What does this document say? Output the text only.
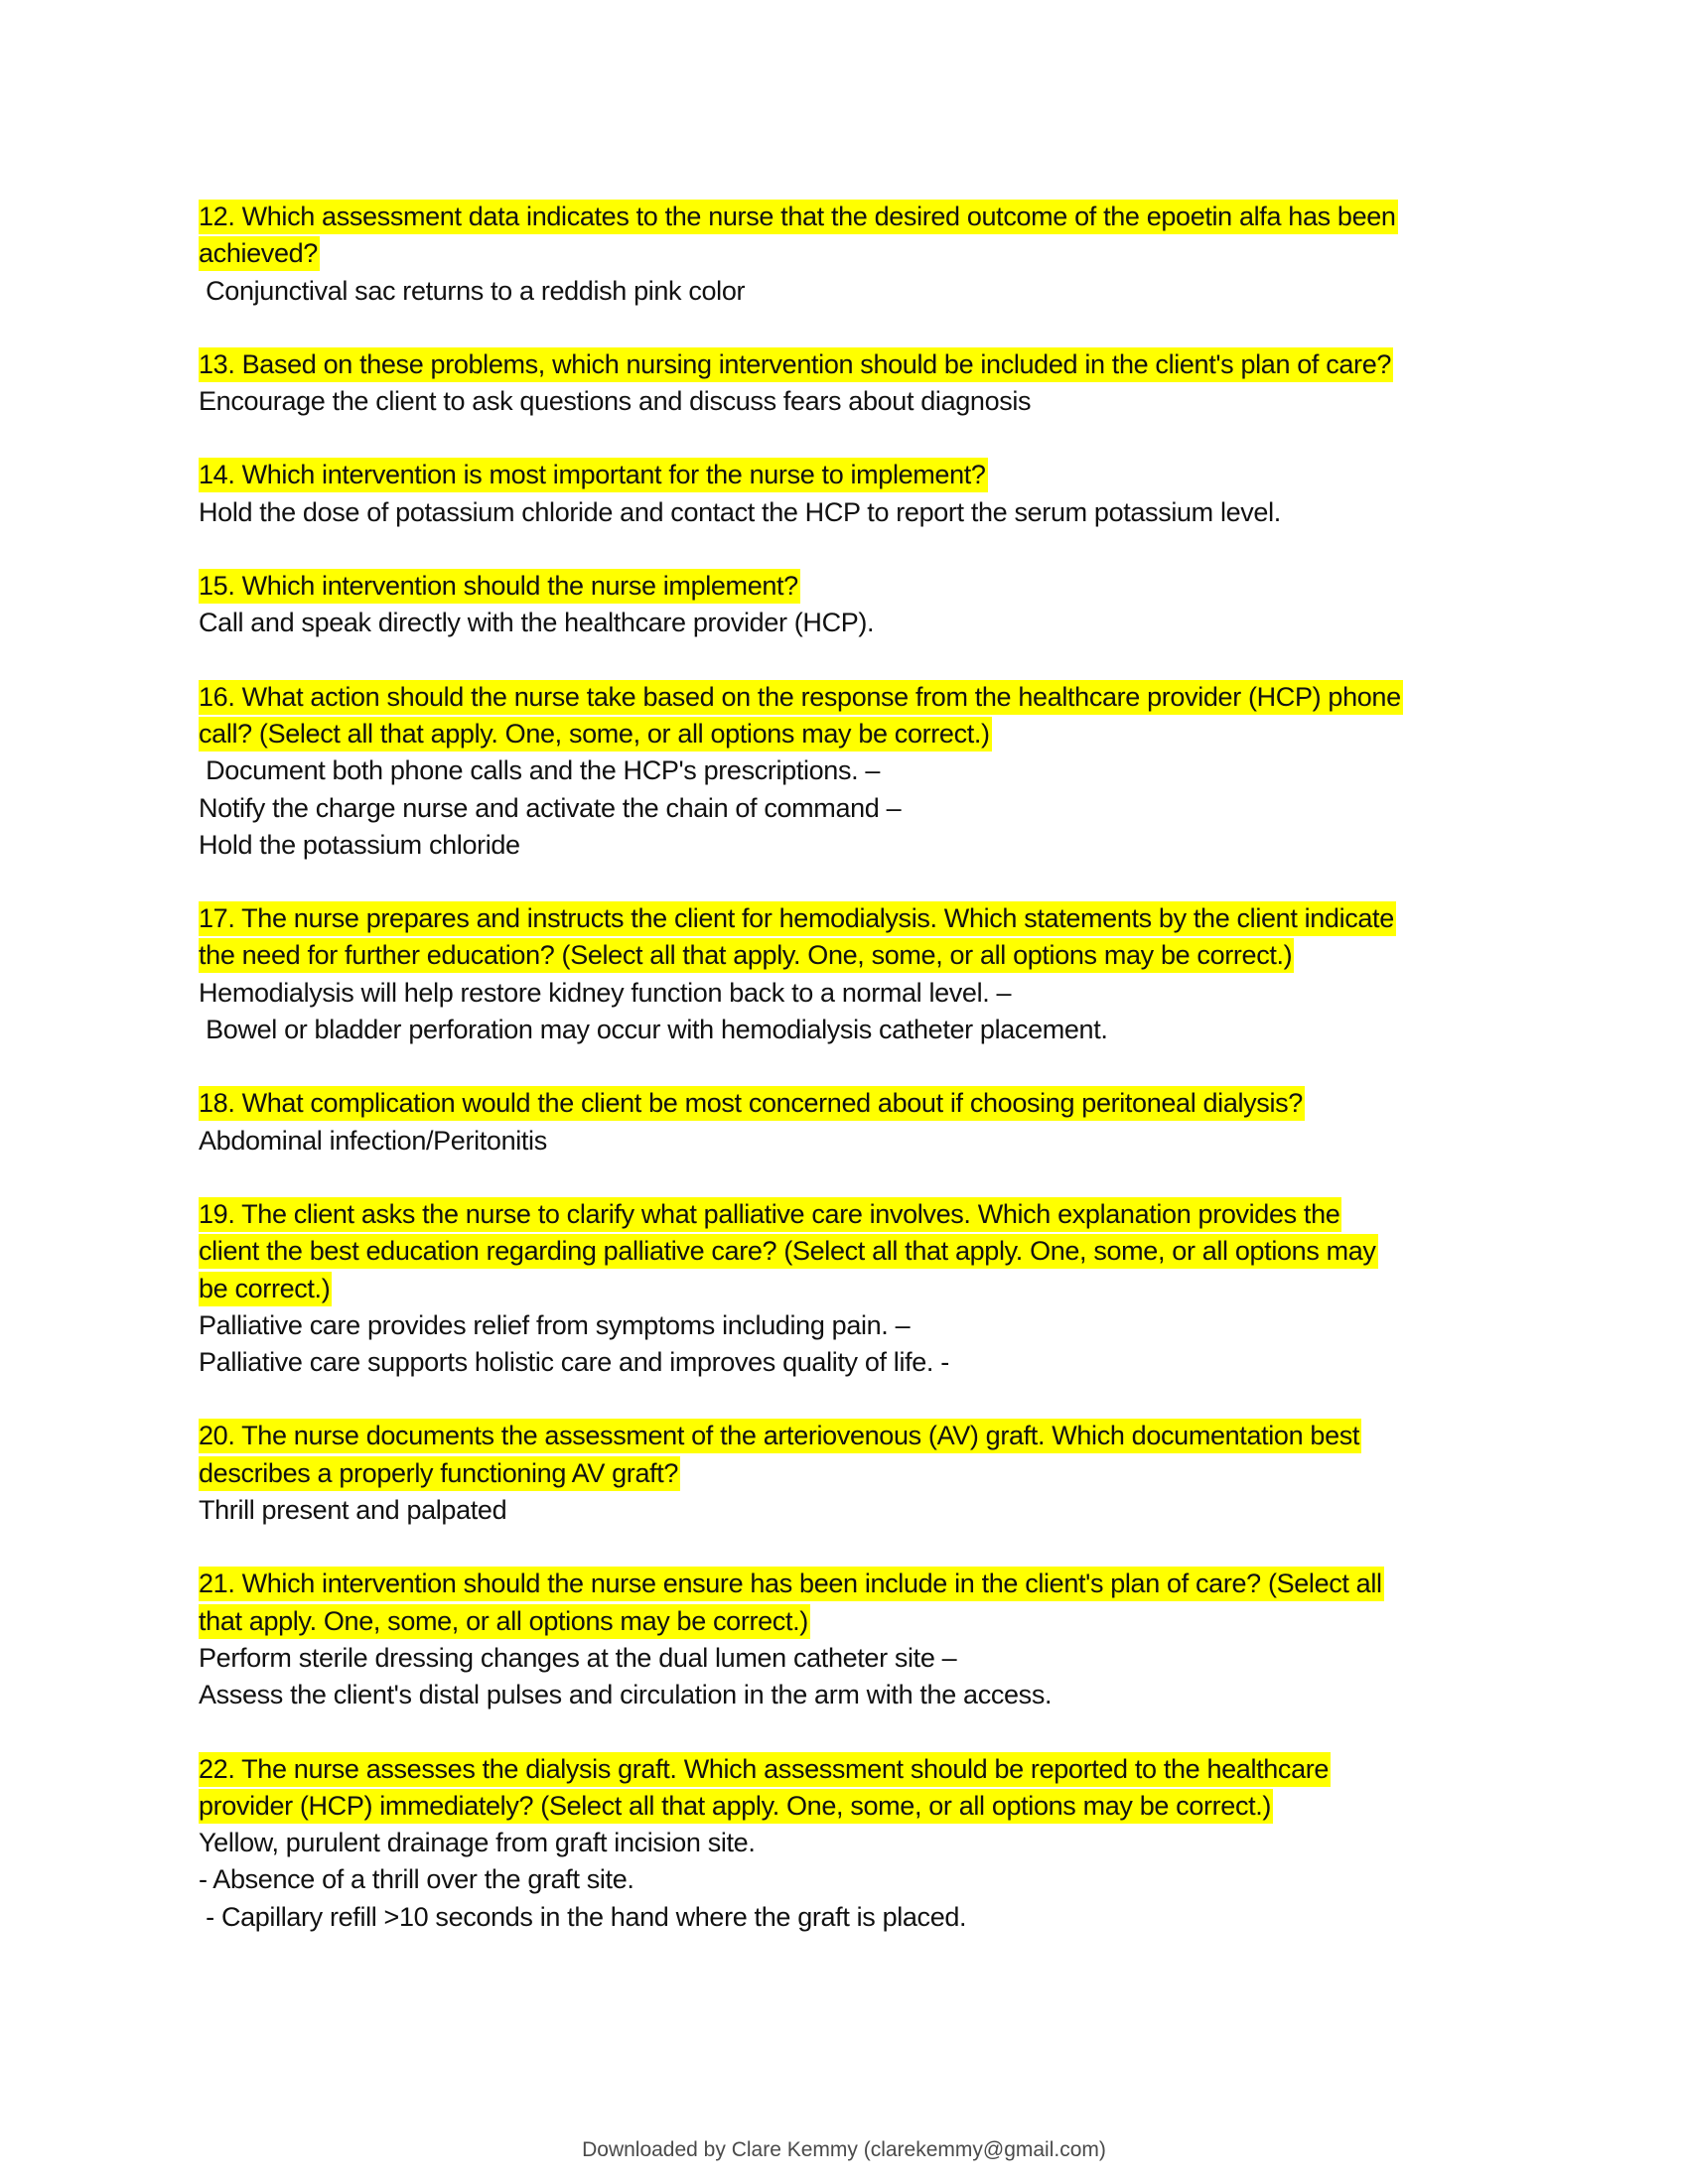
12. Which assessment data indicates to the nurse that the desired outcome of the epoetin alfa has been
achieved?
Conjunctival sac returns to a reddish pink color
13. Based on these problems, which nursing intervention should be included in the client's plan of care?
Encourage the client to ask questions and discuss fears about diagnosis
14. Which intervention is most important for the nurse to implement?
Hold the dose of potassium chloride and contact the HCP to report the serum potassium level.
15. Which intervention should the nurse implement?
Call and speak directly with the healthcare provider (HCP).
16. What action should the nurse take based on the response from the healthcare provider (HCP) phone
call? (Select all that apply. One, some, or all options may be correct.)
Document both phone calls and the HCP's prescriptions. –
Notify the charge nurse and activate the chain of command –
Hold the potassium chloride
17. The nurse prepares and instructs the client for hemodialysis. Which statements by the client indicate
the need for further education? (Select all that apply. One, some, or all options may be correct.)
Hemodialysis will help restore kidney function back to a normal level. –
Bowel or bladder perforation may occur with hemodialysis catheter placement.
18. What complication would the client be most concerned about if choosing peritoneal dialysis?
Abdominal infection/Peritonitis
19. The client asks the nurse to clarify what palliative care involves. Which explanation provides the
client the best education regarding palliative care? (Select all that apply. One, some, or all options may
be correct.)
Palliative care provides relief from symptoms including pain. –
Palliative care supports holistic care and improves quality of life. -
20. The nurse documents the assessment of the arteriovenous (AV) graft. Which documentation best
describes a properly functioning AV graft?
Thrill present and palpated
21. Which intervention should the nurse ensure has been include in the client's plan of care? (Select all
that apply. One, some, or all options may be correct.)
Perform sterile dressing changes at the dual lumen catheter site –
Assess the client's distal pulses and circulation in the arm with the access.
22. The nurse assesses the dialysis graft. Which assessment should be reported to the healthcare
provider (HCP) immediately? (Select all that apply. One, some, or all options may be correct.)
Yellow, purulent drainage from graft incision site.
- Absence of a thrill over the graft site.
- Capillary refill >10 seconds in the hand where the graft is placed.
Downloaded by Clare Kemmy (clarekemmy@gmail.com)
